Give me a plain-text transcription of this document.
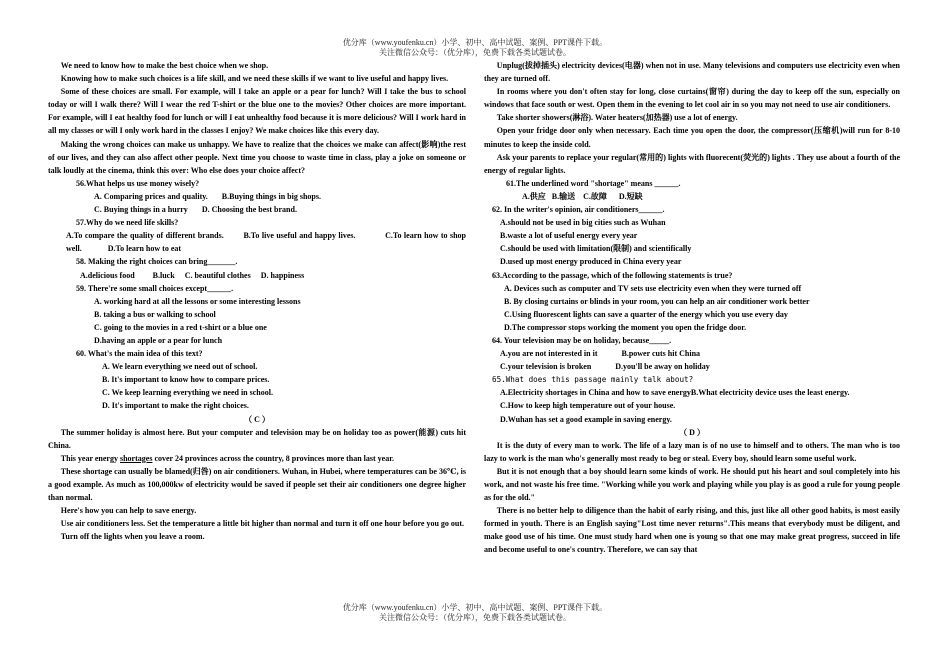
优分库（www.youfenku.cn）小学、初中、高中试题、案例、PPT课件下载。
关注微信公众号：（优分库），免费下载各类试题试卷。

We need to know how to make the best choice when we shop.

Knowing how to make such choices is a life skill, and we need these skills if we want to live useful and happy lives.

Some of these choices are small. For example, will I take an apple or a pear for lunch? Will I take the bus to school today or will I walk there? Will I wear the red T-shirt or the blue one to the movies? Other choices are more important. For example, will I eat healthy food for lunch or will I eat unhealthy food because it is more delicious? Will I work hard in all my classes or will I only work hard in the classes I enjoy? We make choices like this every day.

Making the wrong choices can make us unhappy. We have to realize that the choices we make can affect(影响)the rest of our lives, and they can also affect other people. Next time you choose to waste time in class, play a joke on someone or talk loudly at the cinema, think this over: Who else does your choice affect?

56.What helps us use money wisely?

A. Comparing prices and quality. B.Buying things in big shops.

C. Buying things in a hurry D. Choosing the best brand.

57.Why do we need life skills?

A.To compare the quality of different brands. B.To live useful and happy lives.	C.To learn how to shop well.	D.To learn how to eat

58. Making the right choices can bring_______.

A.delicious food B.luck C. beautiful clothes D. happiness

59. There're some small choices except______.

A. working hard at all the lessons or some interesting lessons

B. taking a bus or walking to school

C. going to the movies in a red t-shirt or a blue one

D.having an apple or a pear for lunch

60. What's the main idea of this text?

A. We learn everything we need out of school.

B. It's important to know how to compare prices.

C. We keep learning everything we need in school.

D. It's important to make the right choices.

（ C ）

The summer holiday is almost here. But your computer and television may be on holiday too as power(能源) cuts hit China.

This year energy shortages cover 24 provinces across the country, 8 provinces more than last year.

These shortage can usually be blamed(归咎) on air conditioners. Wuhan, in Hubei, where temperatures can be 36℃, is a good example. As much as 100,000kw of electricity would be saved if people set their air conditioners one degree higher than normal.

Here's how you can help to save energy.

Use air conditioners less. Set the temperature a little bit higher than normal and turn it off one hour before you go out.

Turn off the lights when you leave a room.

Unplug(拔掉插头) electricity devices(电器) when not in use. Many televisions and computers use electricity even when they are turned off.

In rooms where you don't often stay for long, close curtains(窗帘) during the day to keep off the sun, especially on windows that face south or west. Open them in the evening to let cool air in so you may not need to use air conditioners.

Take shorter showers(淋浴). Water heaters(加热器) use a lot of energy.

Open your fridge door only when necessary. Each time you open the door, the compressor(压缩机)will run for 8-10 minutes to keep the inside cold.

Ask your parents to replace your regular(常用的) lights with fluorecent(荧光的) lights . They use about a fourth of the energy of regular lights.

61.The underlined word "shortage" means ______.

A.供应 B.输送 C.故障 D.短缺

62. In the writer's opinion, air conditioners______.

A.should not be used in big cities such as Wuhan

B.waste a lot of useful energy every year

C.should be used with limitation(限制) and scientifically

D.used up most energy produced in China every year

63.According to the passage, which of the following statements is true?

A. Devices such as computer and TV sets use electricity even when they were turned off

B. By closing curtains or blinds in your room, you can help an air conditioner work better

C.Using fluorescent lights can save a quarter of the energy which you use every day

D.The compressor stops working the moment you open the fridge door.

64. Your television may be on holiday, because_____.

A.you are not interested in it	B.power cuts hit China

C.your television is broken	D.you'll be away on holiday

65.What does this passage mainly talk about?

A.Electricity shortages in China and how to save energyB.What electricity device uses the least energy.

C.How to keep high temperature out of your house.

D.Wuhan has set a good example in saving energy.

（ D ）

It is the duty of every man to work. The life of a lazy man is of no use to himself and to others. The man who is too lazy to work is the man who's generally most ready to beg or steal. Every boy, should learn some useful work.

But it is not enough that a boy should learn some kinds of work. He should put his heart and soul completely into his work, and not waste his free time. "Working while you work and playing while you play is as good a rule for young people as for the old."

There is no better help to diligence than the habit of early rising, and this, just like all other good habits, is most easily formed in youth. There is an English saying"Lost time never returns".This means that everybody must be diligent, and make good use of his time. One must study hard when one is young so that one may make great progress, succeed in life and become useful to one's country. Therefore, we can say that

优分库（www.youfenku.cn）小学、初中、高中试题、案例、PPT课件下载。
关注微信公众号：（优分库），免费下载各类试题试卷。
